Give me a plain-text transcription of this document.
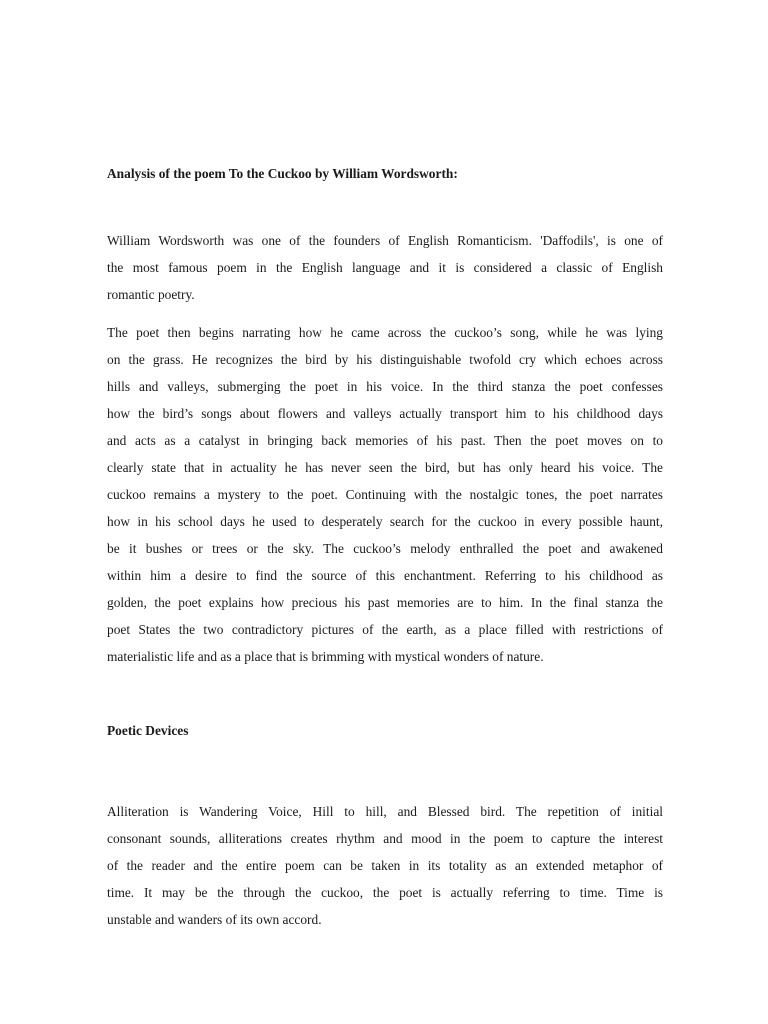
Analysis of the poem To the Cuckoo by William Wordsworth:

William Wordsworth was one of the founders of English Romanticism. 'Daffodils', is one of
the most famous poem in the English language and it is considered a classic of English
romantic poetry.

The poet then begins narrating how he came across the cuckoo’s song, while he was lying
on the grass. He recognizes the bird by his distinguishable twofold cry which echoes across
hills and valleys, submerging the poet in his voice. In the third stanza the poet confesses
how the bird’s songs about flowers and valleys actually transport him to his childhood days
and acts as a catalyst in bringing back memories of his past. Then the poet moves on to
clearly state that in actuality he has never seen the bird, but has only heard his voice. The
cuckoo remains a mystery to the poet. Continuing with the nostalgic tones, the poet narrates
how in his school days he used to desperately search for the cuckoo in every possible haunt,
be it bushes or trees or the sky. The cuckoo’s melody enthralled the poet and awakened
within him a desire to find the source of this enchantment. Referring to his childhood as
golden, the poet explains how precious his past memories are to him. In the final stanza the
poet States the two contradictory pictures of the earth, as a place filled with restrictions of
materialistic life and as a place that is brimming with mystical wonders of nature.

Poetic Devices

Alliteration is Wandering Voice, Hill to hill, and Blessed bird. The repetition of initial
consonant sounds, alliterations creates rhythm and mood in the poem to capture the interest
of the reader and the entire poem can be taken in its totality as an extended metaphor of
time. It may be the through the cuckoo, the poet is actually referring to time. Time is
unstable and wanders of its own accord.
